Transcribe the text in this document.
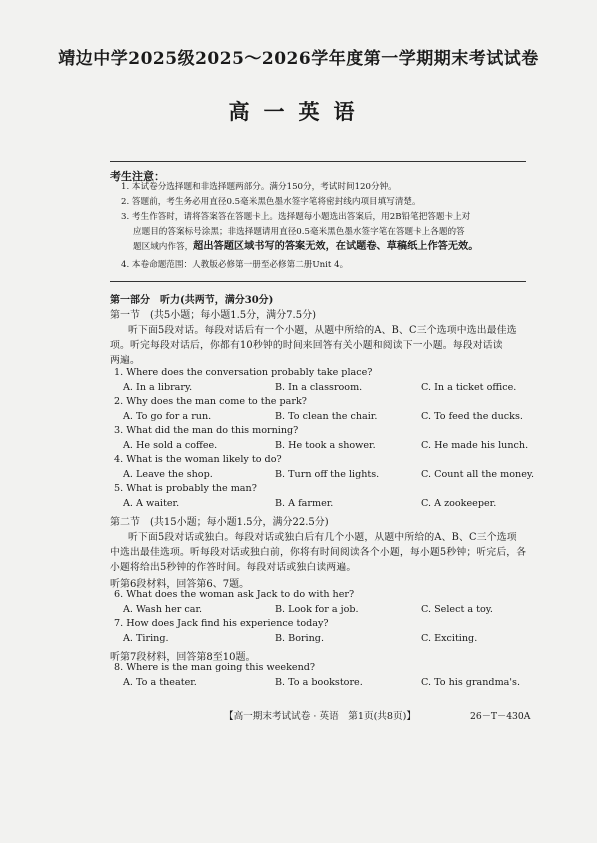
靖边中学2025级2025～2026学年度第一学期期末考试试卷
高一英语
考生注意：
1. 本试卷分选择题和非选择题两部分。满分150分，考试时间120分钟。
2. 答题前，考生务必用直径0.5毫米黑色墨水签字笔将密封线内项目填写清楚。
3. 考生作答时，请将答案答在答题卡上。选择题每小题选出答案后，用2B铅笔把答题卡上对
应题目的答案标号涂黑；非选择题请用直径0.5毫米黑色墨水签字笔在答题卡上各题的答
题区域内作答，超出答题区域书写的答案无效，在试题卷、草稿纸上作答无效。
4. 本卷命题范围：人教版必修第一册至必修第二册Unit 4。
第一部分　听力(共两节，满分30分)
第一节　(共5小题；每小题1.5分，满分7.5分)
听下面5段对话。每段对话后有一个小题，从题中所给的A、B、C三个选项中选出最佳选
项。听完每段对话后，你都有10秒钟的时间来回答有关小题和阅读下一小题。每段对话读
两遍。
1. Where does the conversation probably take place?
A. In a library.	B. In a classroom.	C. In a ticket office.
2. Why does the man come to the park?
A. To go for a run.	B. To clean the chair.	C. To feed the ducks.
3. What did the man do this morning?
A. He sold a coffee.	B. He took a shower.	C. He made his lunch.
4. What is the woman likely to do?
A. Leave the shop.	B. Turn off the lights.	C. Count all the money.
5. What is probably the man?
A. A waiter.	B. A farmer.	C. A zookeeper.
第二节　(共15小题；每小题1.5分，满分22.5分)
听下面5段对话或独白。每段对话或独白后有几个小题，从题中所给的A、B、C三个选项
中选出最佳选项。听每段对话或独白前，你将有时间阅读各个小题，每小题5秒钟；听完后，各
小题将给出5秒钟的作答时间。每段对话或独白读两遍。
听第6段材料，回答第6、7题。
6. What does the woman ask Jack to do with her?
A. Wash her car.	B. Look for a job.	C. Select a toy.
7. How does Jack find his experience today?
A. Tiring.	B. Boring.	C. Exciting.
听第7段材料，回答第8至10题。
8. Where is the man going this weekend?
A. To a theater.	B. To a bookstore.	C. To his grandma's.
【高一期末考试试卷 · 英语　第1页(共8页)】	26－T－430A
